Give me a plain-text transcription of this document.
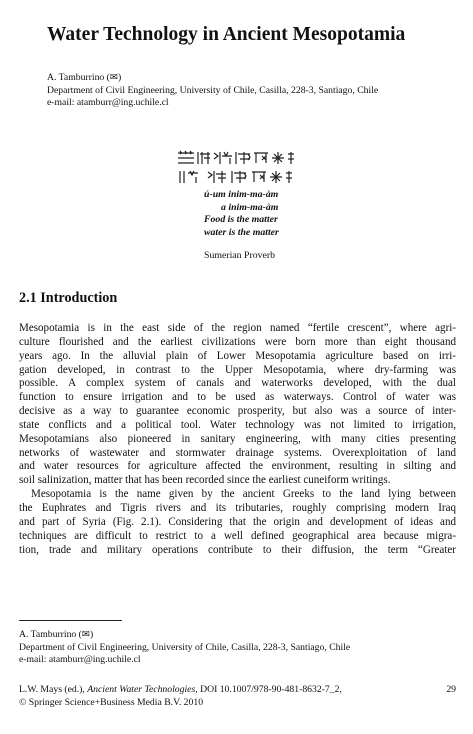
Water Technology in Ancient Mesopotamia
A. Tamburrino (✉)
Department of Civil Engineering, University of Chile, Casilla, 228-3, Santiago, Chile
e-mail: atamburr@ing.uchile.cl
ú-um inim-ma-àm
a inim-ma-àm
Food is the matter
water is the matter
Sumerian Proverb
2.1 Introduction
Mesopotamia is in the east side of the region named “fertile crescent”, where agri-
culture flourished and the earliest civilizations were born more than eight thousand
years ago. In the alluvial plain of Lower Mesopotamia agriculture based on irri-
gation developed, in contrast to the Upper Mesopotamia, where dry-farming was
possible. A complex system of canals and waterworks developed, with the dual
function to ensure irrigation and to be used as waterways. Control of water was
decisive as a way to guarantee economic prosperity, but also was a source of inter-
state conflicts and a political tool. Water technology was not limited to irrigation,
Mesopotamians also pioneered in sanitary engineering, with many cities presenting
networks of wastewater and stormwater drainage systems. Overexploitation of land
and water resources for agriculture affected the environment, resulting in silting and
soil salinization, matter that has been recorded since the earliest cuneiform writings.
Mesopotamia is the name given by the ancient Greeks to the land lying between
the Euphrates and Tigris rivers and its tributaries, roughly comprising modern Iraq
and part of Syria (Fig. 2.1). Considering that the origin and development of ideas and
techniques are difficult to restrict to a well defined geographical area because migra-
tion, trade and military operations contribute to their diffusion, the term “Greater
A. Tamburrino (✉)
Department of Civil Engineering, University of Chile, Casilla, 228-3, Santiago, Chile
e-mail: atamburr@ing.uchile.cl
L.W. Mays (ed.), Ancient Water Technologies, DOI 10.1007/978-90-481-8632-7_2,	29
© Springer Science+Business Media B.V. 2010
